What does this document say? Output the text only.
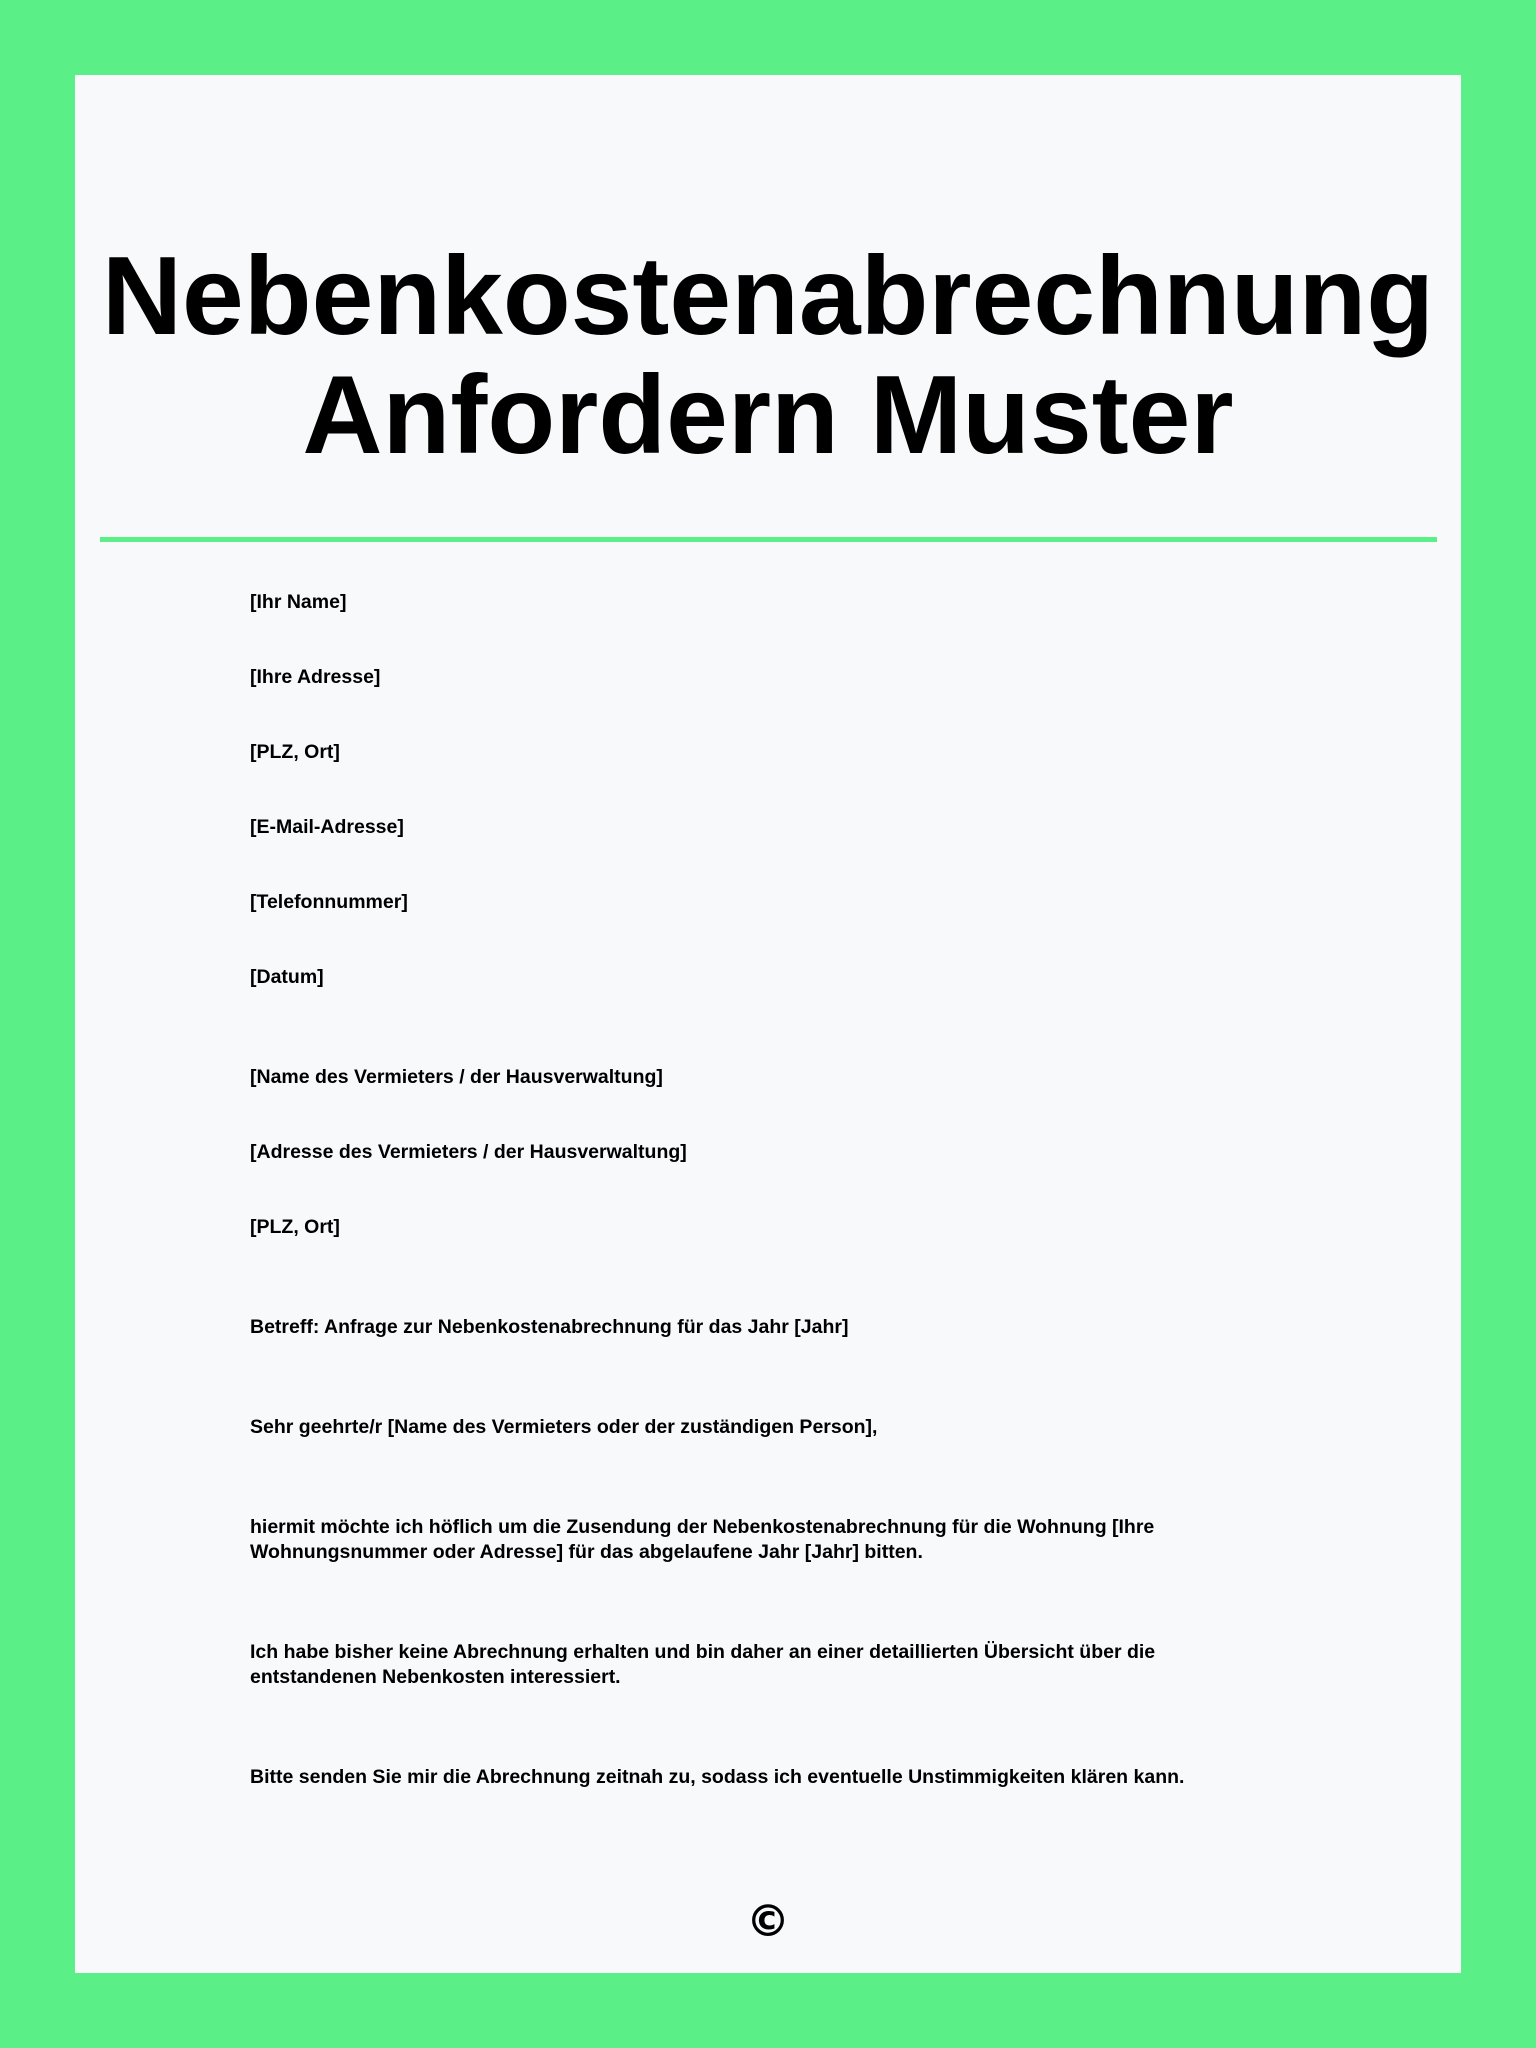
Nebenkostenabrechnung
Anfordern Muster
[Ihr Name]
[Ihre Adresse]
[PLZ, Ort]
[E-Mail-Adresse]
[Telefonnummer]
[Datum]
[Name des Vermieters / der Hausverwaltung]
[Adresse des Vermieters / der Hausverwaltung]
[PLZ, Ort]
Betreff: Anfrage zur Nebenkostenabrechnung für das Jahr [Jahr]
Sehr geehrte/r [Name des Vermieters oder der zuständigen Person],
hiermit möchte ich höflich um die Zusendung der Nebenkostenabrechnung für die Wohnung [Ihre
Wohnungsnummer oder Adresse] für das abgelaufene Jahr [Jahr] bitten.
Ich habe bisher keine Abrechnung erhalten und bin daher an einer detaillierten Übersicht über die
entstandenen Nebenkosten interessiert.
Bitte senden Sie mir die Abrechnung zeitnah zu, sodass ich eventuelle Unstimmigkeiten klären kann.
©
